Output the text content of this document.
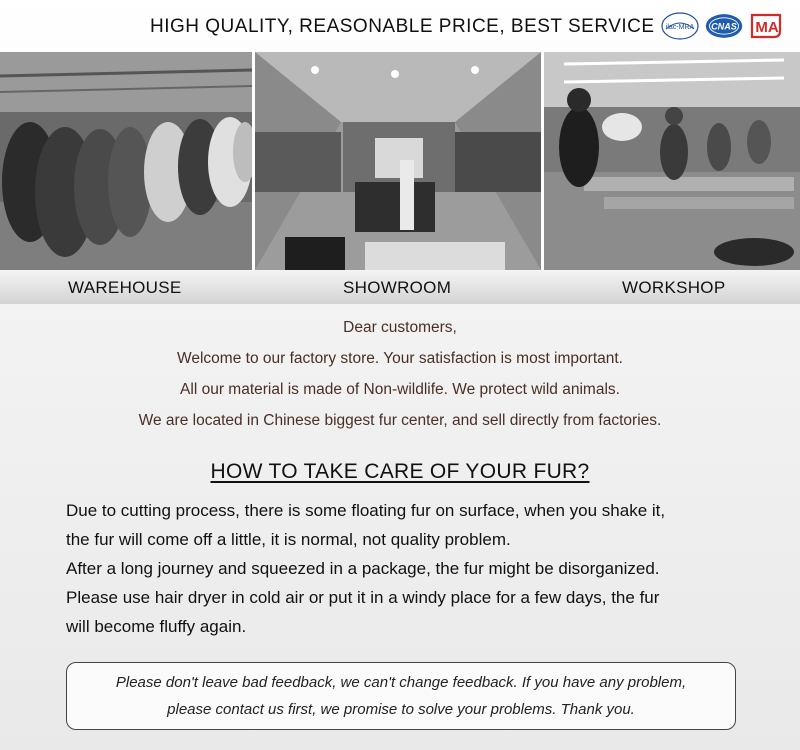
HIGH QUALITY, REASONABLE PRICE, BEST SERVICE ilac-MRA CNAS MA
WAREHOUSE	SHOWROOM	WORKSHOP
Dear customers,
Welcome to our factory store. Your satisfaction is most important.
All our material is made of Non-wildlife. We protect wild animals.
We are located in Chinese biggest fur center, and sell directly from factories.
HOW TO TAKE CARE OF YOUR FUR?
Due to cutting process, there is some floating fur on surface, when you shake it,
the fur will come off a little, it is normal, not quality problem.
After a long journey and squeezed in a package, the fur might be disorganized.
Please use hair dryer in cold air or put it in a windy place for a few days, the fur
will become fluffy again.
Please don't leave bad feedback, we can't change feedback. If you have any problem,
please contact us first, we promise to solve your problems. Thank you.
